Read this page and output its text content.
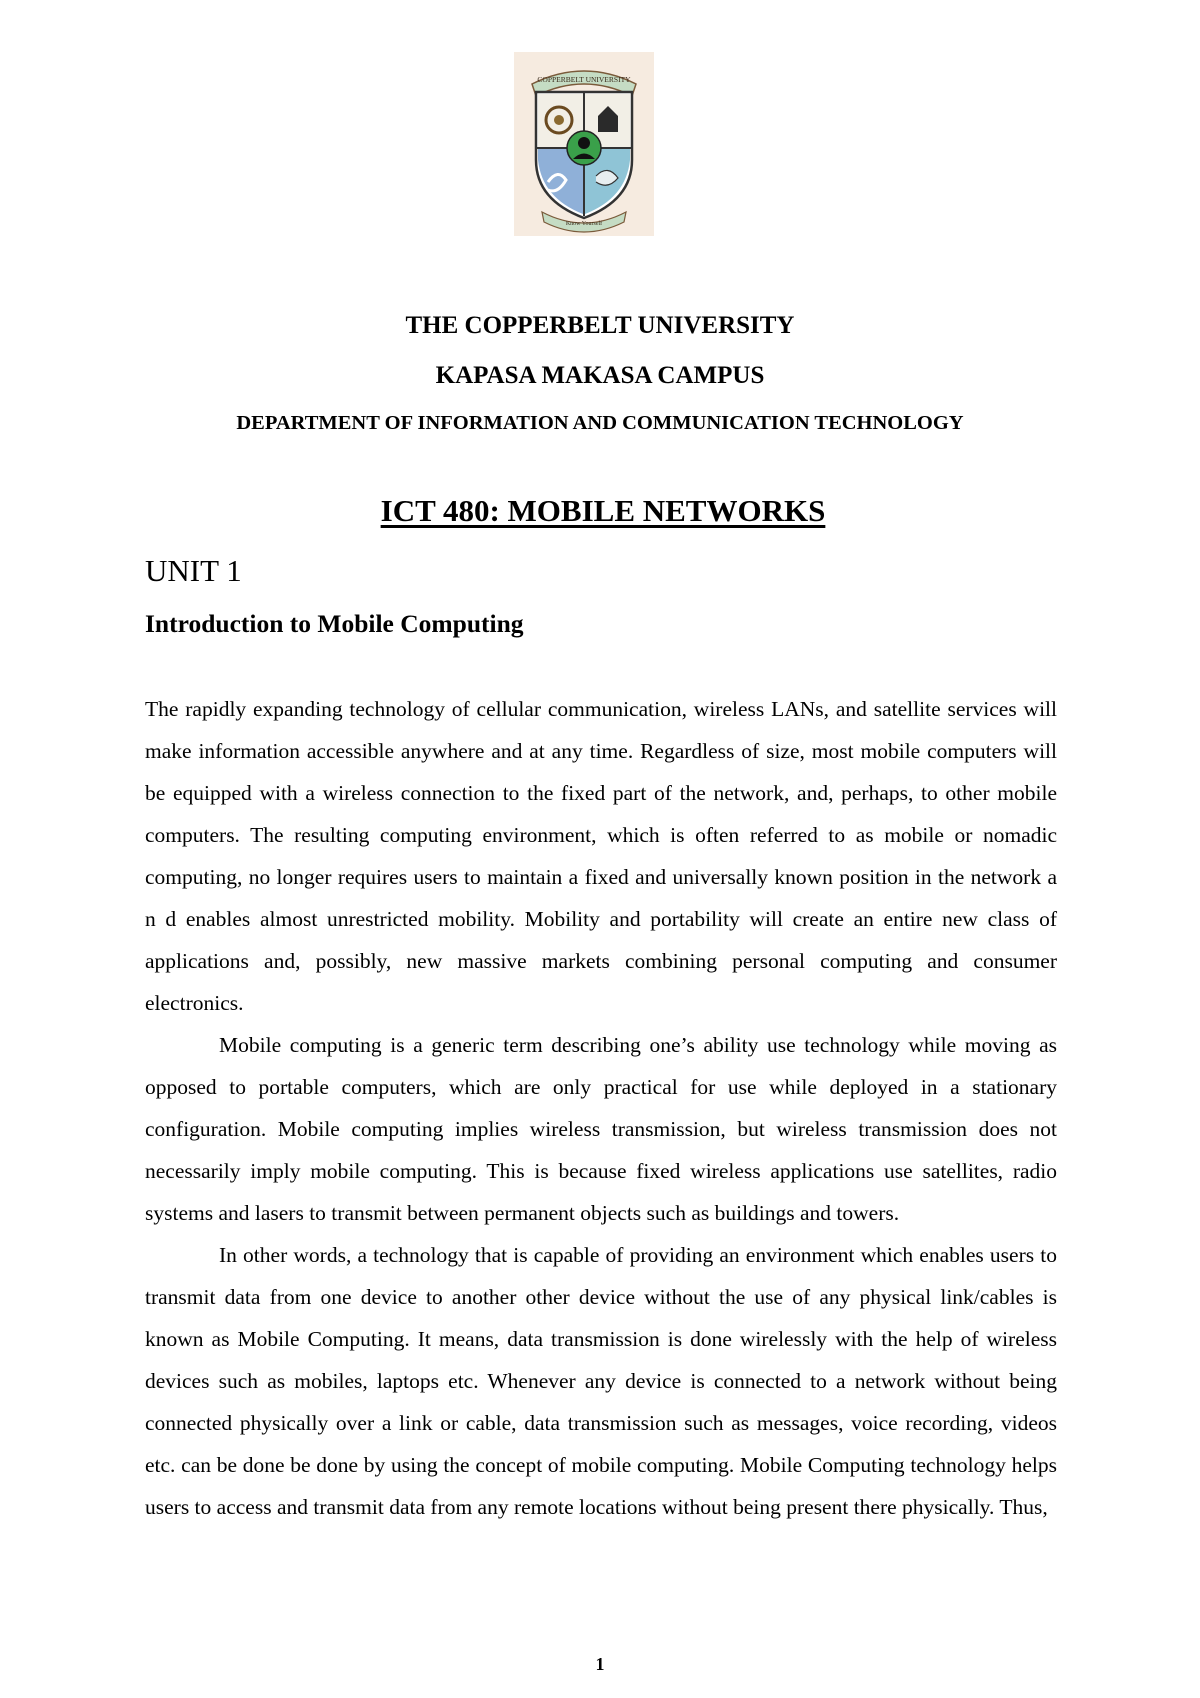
COPPERBELT UNIVERSITY
Know Yourself
THE COPPERBELT UNIVERSITY
KAPASA MAKASA CAMPUS
DEPARTMENT OF INFORMATION AND COMMUNICATION TECHNOLOGY
ICT 480: MOBILE NETWORKS
UNIT 1
Introduction to Mobile Computing

The rapidly expanding technology of cellular communication, wireless LANs, and satellite services will make information accessible anywhere and at any time. Regardless of size, most mobile computers will be equipped with a wireless connection to the fixed part of the network, and, perhaps, to other mobile computers. The resulting computing environment, which is often referred to as mobile or nomadic computing, no longer requires users to maintain a fixed and universally known position in the network a n d enables almost unrestricted mobility. Mobility and portability will create an entire new class of applications and, possibly, new massive markets combining personal computing and consumer electronics.

Mobile computing is a generic term describing one’s ability use technology while moving as opposed to portable computers, which are only practical for use while deployed in a stationary configuration. Mobile computing implies wireless transmission, but wireless transmission does not necessarily imply mobile computing. This is because fixed wireless applications use satellites, radio systems and lasers to transmit between permanent objects such as buildings and towers.

In other words, a technology that is capable of providing an environment which enables users to transmit data from one device to another other device without the use of any physical link/cables is known as Mobile Computing. It means, data transmission is done wirelessly with the help of wireless devices such as mobiles, laptops etc. Whenever any device is connected to a network without being connected physically over a link or cable, data transmission such as messages, voice recording, videos etc. can be done be done by using the concept of mobile computing. Mobile Computing technology helps users to access and transmit data from any remote locations without being present there physically. Thus,

1
